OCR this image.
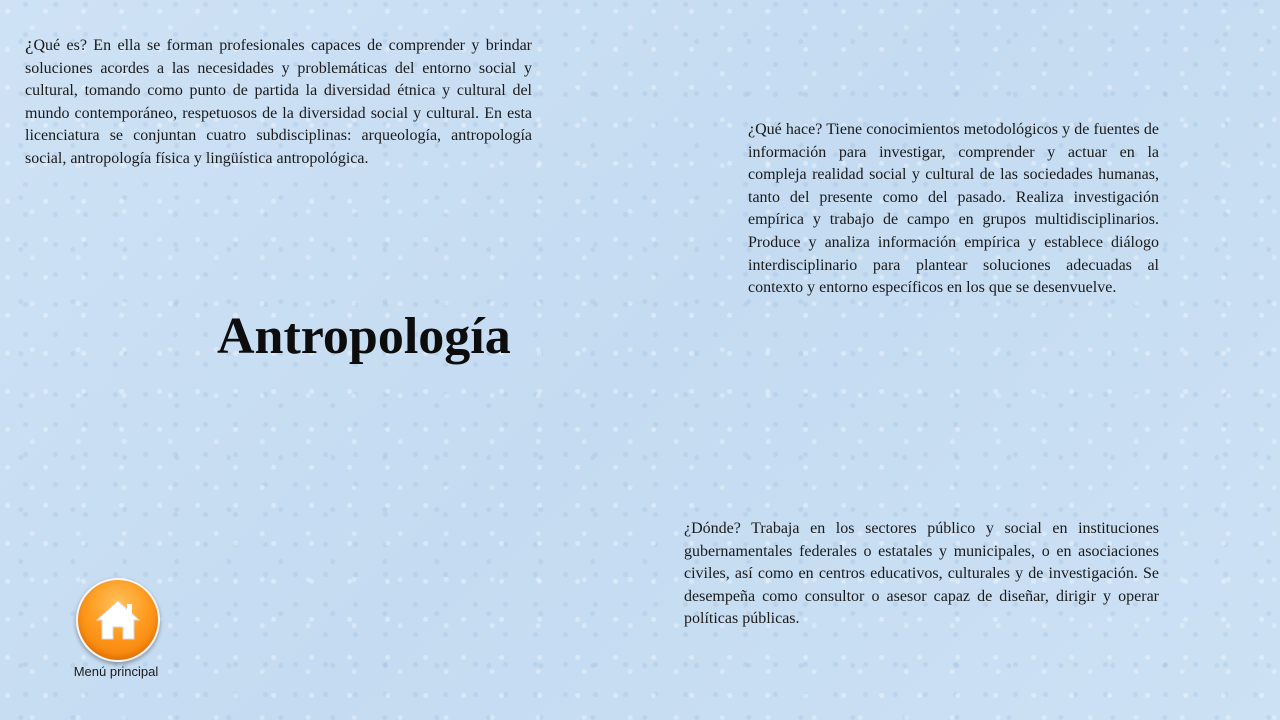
¿Qué es? En ella se forman profesionales capaces de comprender y brindar soluciones acordes a las necesidades y problemáticas del entorno social y cultural, tomando como punto de partida la diversidad étnica y cultural del mundo contemporáneo, respetuosos de la diversidad social y cultural. En esta licenciatura se conjuntan cuatro subdisciplinas: arqueología, antropología social, antropología física y lingüística antropológica.
Antropología
¿Qué hace? Tiene conocimientos metodológicos y de fuentes de información para investigar, comprender y actuar en la compleja realidad social y cultural de las sociedades humanas, tanto del presente como del pasado. Realiza investigación empírica y trabajo de campo en grupos multidisciplinarios. Produce y analiza información empírica y establece diálogo interdisciplinario para plantear soluciones adecuadas al contexto y entorno específicos en los que se desenvuelve.
¿Dónde? Trabaja en los sectores público y social en instituciones gubernamentales federales o estatales y municipales, o en asociaciones civiles, así como en centros educativos, culturales y de investigación. Se desempeña como consultor o asesor capaz de diseñar, dirigir y operar políticas públicas.
Menú principal
